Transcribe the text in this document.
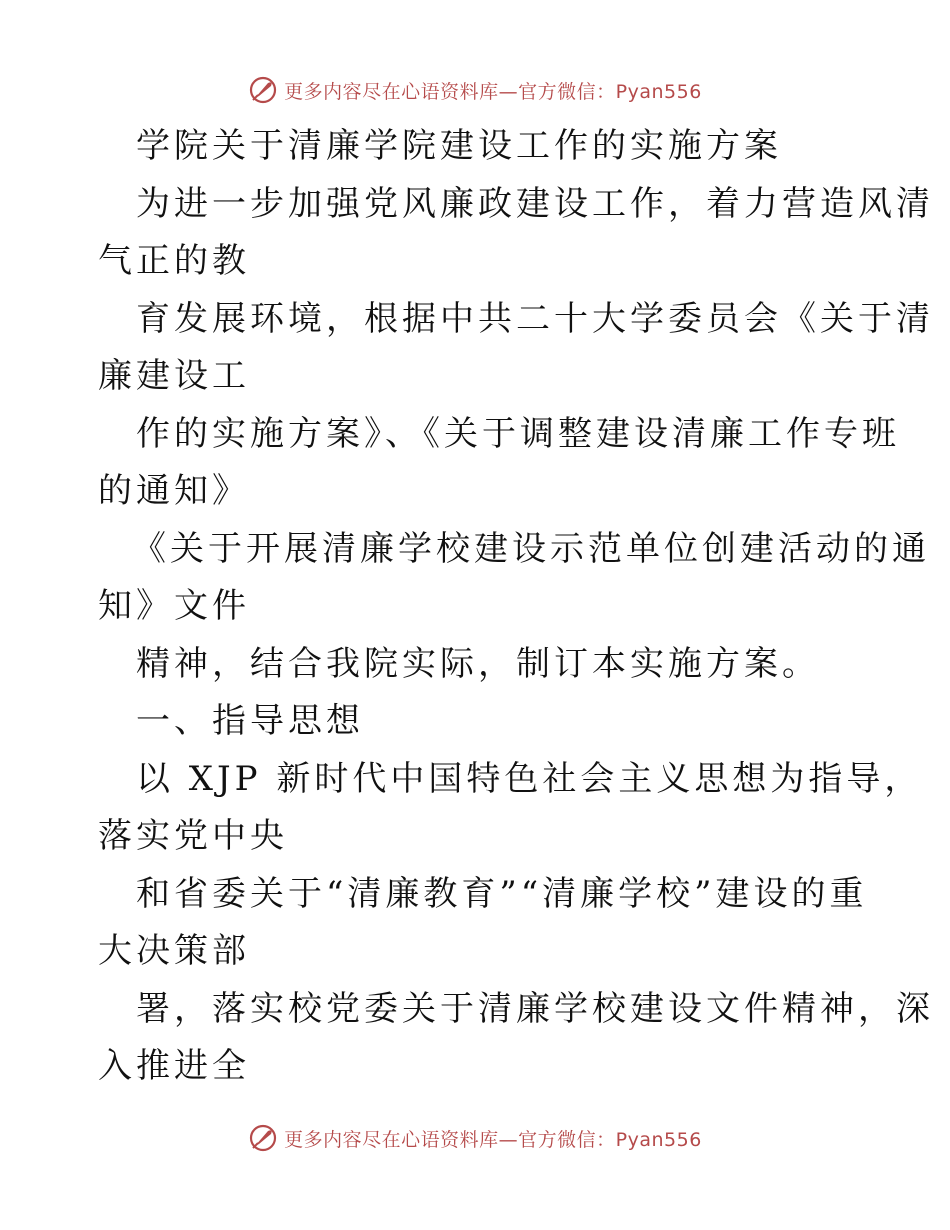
更多内容尽在心语资料库—官方微信：Pyan556
学院关于清廉学院建设工作的实施方案
为进一步加强党风廉政建设工作，着力营造风清
气正的教
育发展环境，根据中共二十大学委员会《关于清
廉建设工
作的实施方案》、《关于调整建设清廉工作专班
的通知》
《关于开展清廉学校建设示范单位创建活动的通
知》文件
精神，结合我院实际，制订本实施方案。
一、指导思想
以 XJP 新时代中国特色社会主义思想为指导，
落实党中央
和省委关于“清廉教育”“清廉学校”建设的重
大决策部
署，落实校党委关于清廉学校建设文件精神，深
入推进全
更多内容尽在心语资料库—官方微信：Pyan556
